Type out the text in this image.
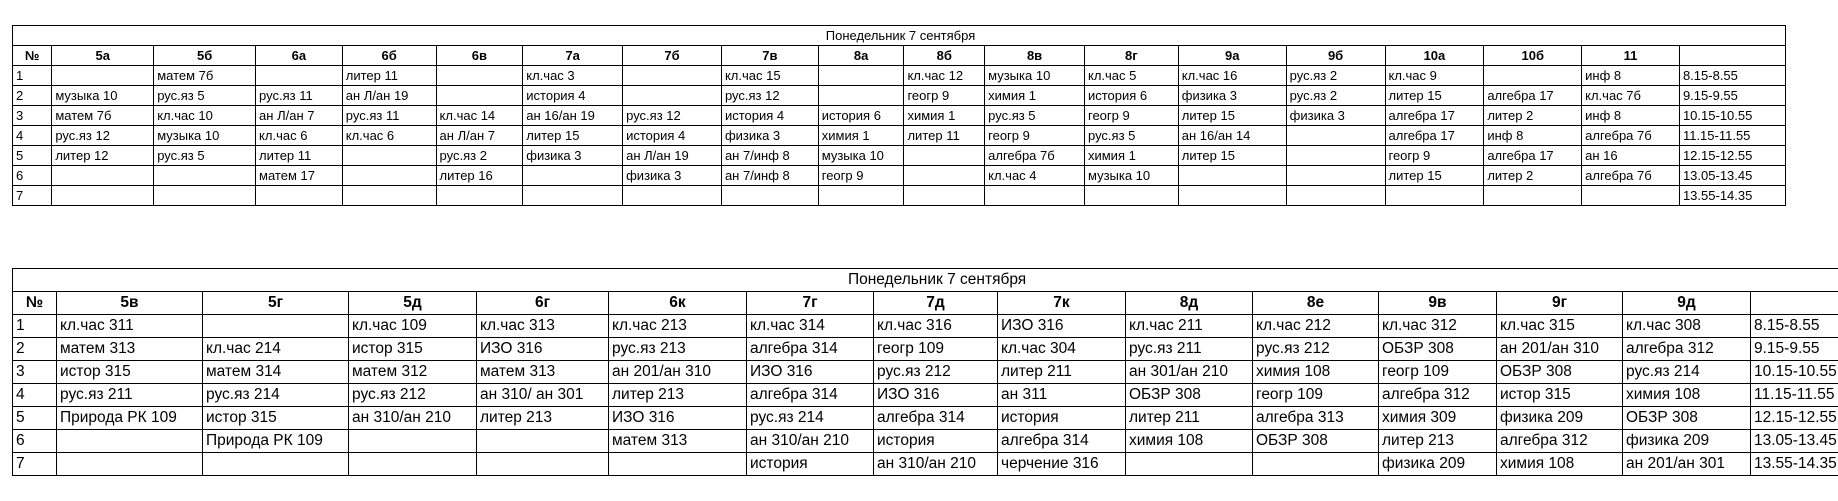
Понедельник 7 сентября																		
№	5а	5б	6а	6б	6в	7а	7б	7в	8а	8б	8в	8г	9а	9б	10а	10б	11	
1		матем 7б		литер 11		кл.час 3		кл.час 15		кл.час 12	музыка 10	кл.час 5	кл.час 16	рус.яз 2	кл.час 9		инф 8	8.15-8.55
2	музыка 10	рус.яз 5	рус.яз 11	ан Л/ан 19		история 4		рус.яз 12		геогр 9	химия 1	история 6	физика 3	рус.яз 2	литер 15	алгебра 17	кл.час 7б	9.15-9.55
3	матем 7б	кл.час 10	ан Л/ан 7	рус.яз 11	кл.час 14	ан 16/ан 19	рус.яз 12	история 4	история 6	химия 1	рус.яз 5	геогр 9	литер 15	физика 3	алгебра 17	литер 2	инф 8	10.15-10.55
4	рус.яз 12	музыка 10	кл.час 6	кл.час 6	ан Л/ан 7	литер 15	история 4	физика 3	химия 1	литер 11	геогр 9	рус.яз 5	ан 16/ан 14		алгебра 17	инф 8	алгебра 7б	11.15-11.55
5	литер 12	рус.яз 5	литер 11		рус.яз 2	физика 3	ан Л/ан 19	ан 7/инф 8	музыка 10		алгебра 7б	химия 1	литер 15		геогр 9	алгебра 17	ан 16	12.15-12.55
6			матем 17		литер 16		физика 3	ан 7/инф 8	геогр 9		кл.час 4	музыка 10			литер 15	литер 2	алгебра 7б	13.05-13.45
7																		13.55-14.35
Понедельник 7 сентября														
№	5в	5г	5д	6г	6к	7г	7д	7к	8д	8е	9в	9г	9д	
1	кл.час 311		кл.час 109	кл.час 313	кл.час 213	кл.час 314	кл.час 316	ИЗО 316	кл.час 211	кл.час 212	кл.час 312	кл.час 315	кл.час 308	8.15-8.55
2	матем 313	кл.час 214	истор 315	ИЗО 316	рус.яз 213	алгебра 314	геогр 109	кл.час 304	рус.яз 211	рус.яз 212	ОБЗР 308	ан 201/ан 310	алгебра 312	9.15-9.55
3	истор 315	матем 314	матем 312	матем 313	ан 201/ан 310	ИЗО 316	рус.яз 212	литер 211	ан 301/ан 210	химия 108	геогр 109	ОБЗР 308	рус.яз 214	10.15-10.55
4	рус.яз 211	рус.яз 214	рус.яз 212	ан 310/ ан 301	литер 213	алгебра 314	ИЗО 316	ан 311	ОБЗР 308	геогр 109	алгебра 312	истор 315	химия 108	11.15-11.55
5	Природа РК 109	истор 315	ан 310/ан 210	литер 213	ИЗО 316	рус.яз 214	алгебра 314	история	литер 211	алгебра 313	химия 309	физика 209	ОБЗР 308	12.15-12.55
6		Природа РК 109			матем 313	ан 310/ан 210	история	алгебра 314	химия 108	ОБЗР 308	литер 213	алгебра 312	физика 209	13.05-13.45
7						история	ан 310/ан 210	черчение 316			физика 209	химия 108	ан 201/ан 301	13.55-14.35
